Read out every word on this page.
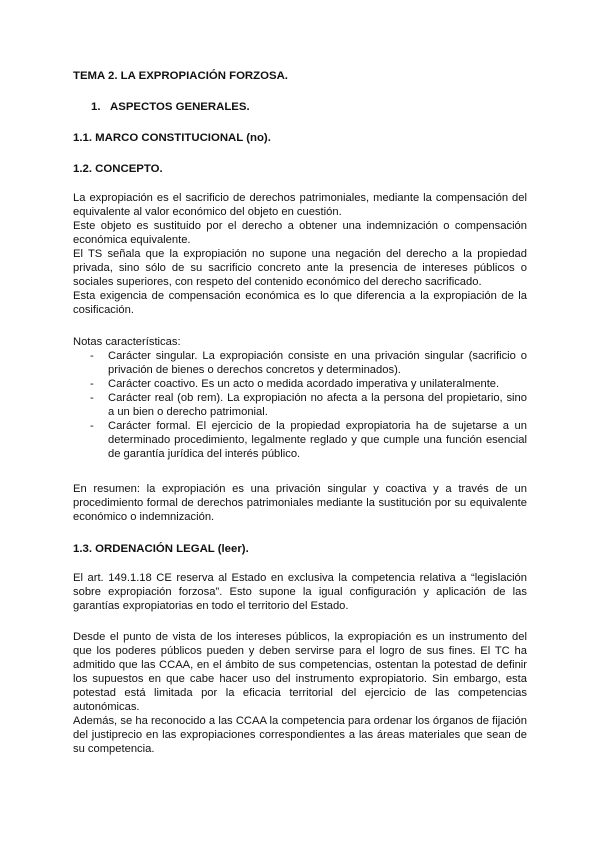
TEMA 2. LA EXPROPIACIÓN FORZOSA.
1. ASPECTOS GENERALES.
1.1. MARCO CONSTITUCIONAL (no).
1.2. CONCEPTO.

La expropiación es el sacrificio de derechos patrimoniales, mediante la compensación del equivalente al valor económico del objeto en cuestión.

Este objeto es sustituido por el derecho a obtener una indemnización o compensación económica equivalente.

El TS señala que la expropiación no supone una negación del derecho a la propiedad privada, sino sólo de su sacrificio concreto ante la presencia de intereses públicos o sociales superiores, con respeto del contenido económico del derecho sacrificado.

Esta exigencia de compensación económica es lo que diferencia a la expropiación de la cosificación.

Notas características:
- Carácter singular. La expropiación consiste en una privación singular (sacrificio o privación de bienes o derechos concretos y determinados).
- Carácter coactivo. Es un acto o medida acordado imperativa y unilateralmente.
- Carácter real (ob rem). La expropiación no afecta a la persona del propietario, sino a un bien o derecho patrimonial.
- Carácter formal. El ejercicio de la propiedad expropiatoria ha de sujetarse a un determinado procedimiento, legalmente reglado y que cumple una función esencial de garantía jurídica del interés público.
En resumen: la expropiación es una privación singular y coactiva y a través de un procedimiento formal de derechos patrimoniales mediante la sustitución por su equivalente económico o indemnización.
1.3. ORDENACIÓN LEGAL (leer).
El art. 149.1.18 CE reserva al Estado en exclusiva la competencia relativa a “legislación sobre expropiación forzosa”. Esto supone la igual configuración y aplicación de las garantías expropiatorias en todo el territorio del Estado.

Desde el punto de vista de los intereses públicos, la expropiación es un instrumento del que los poderes públicos pueden y deben servirse para el logro de sus fines. El TC ha admitido que las CCAA, en el ámbito de sus competencias, ostentan la potestad de definir los supuestos en que cabe hacer uso del instrumento expropiatorio. Sin embargo, esta potestad está limitada por la eficacia territorial del ejercicio de las competencias autonómicas.

Además, se ha reconocido a las CCAA la competencia para ordenar los órganos de fijación del justiprecio en las expropiaciones correspondientes a las áreas materiales que sean de su competencia.
